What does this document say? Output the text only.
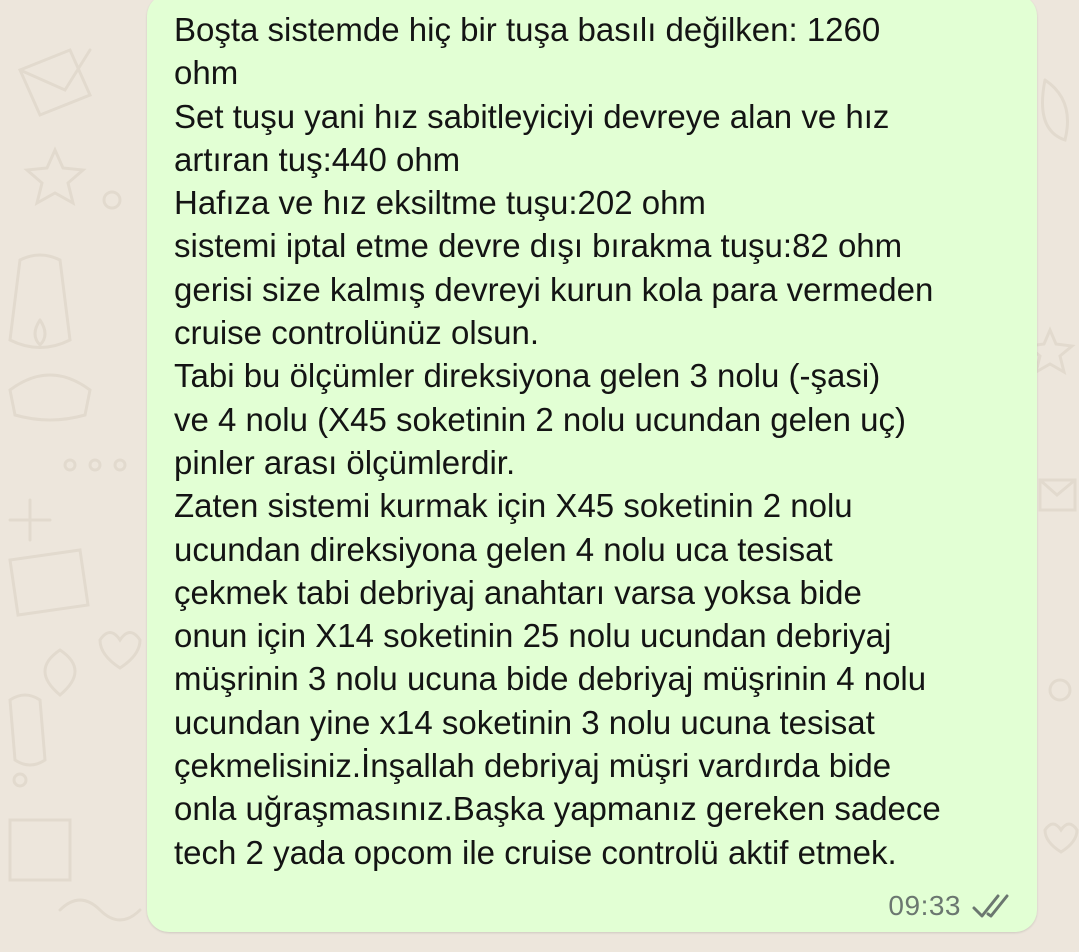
Boşta sistemde hiç bir tuşa basılı değilken: 1260
ohm
Set tuşu yani hız sabitleyiciyi devreye alan ve hız
artıran tuş:440 ohm
Hafıza ve hız eksiltme tuşu:202 ohm
sistemi iptal etme devre dışı bırakma tuşu:82 ohm
gerisi size kalmış devreyi kurun kola para vermeden
cruise controlünüz olsun.
Tabi bu ölçümler direksiyona gelen 3 nolu (-şasi)
ve 4 nolu (X45 soketinin 2 nolu ucundan gelen uç)
pinler arası ölçümlerdir.
Zaten sistemi kurmak için X45 soketinin 2 nolu
ucundan direksiyona gelen 4 nolu uca tesisat
çekmek tabi debriyaj anahtarı varsa yoksa bide
onun için X14 soketinin 25 nolu ucundan debriyaj
müşrinin 3 nolu ucuna bide debriyaj müşrinin 4 nolu
ucundan yine x14 soketinin 3 nolu ucuna tesisat
çekmelisiniz.İnşallah debriyaj müşri vardırda bide
onla uğraşmasınız.Başka yapmanız gereken sadece
tech 2 yada opcom ile cruise controlü aktif etmek.

09:33
